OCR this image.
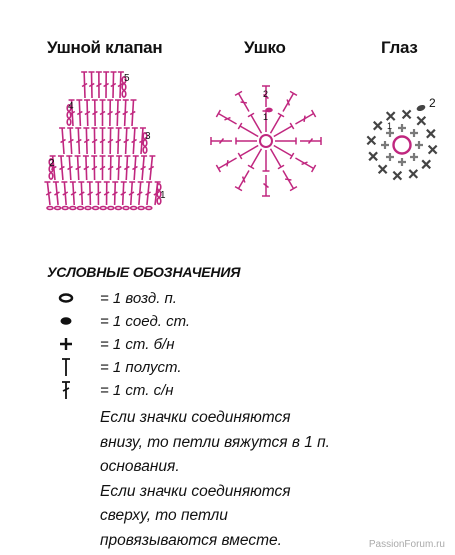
Ушной клапан	Ушко	Глаз
1
2
3
4
5
1
2
1
2
УСЛОВНЫЕ ОБОЗНАЧЕНИЯ
= 1 возд. п.
= 1 соед. ст.
= 1 ст. б/н
= 1 полуст.
= 1 ст. с/н
Если значки соединяются
внизу, то петли вяжутся в 1 п.
основания.
Если значки соединяются
сверху, то петли
провязываются вместе.	PassionForum.ru
